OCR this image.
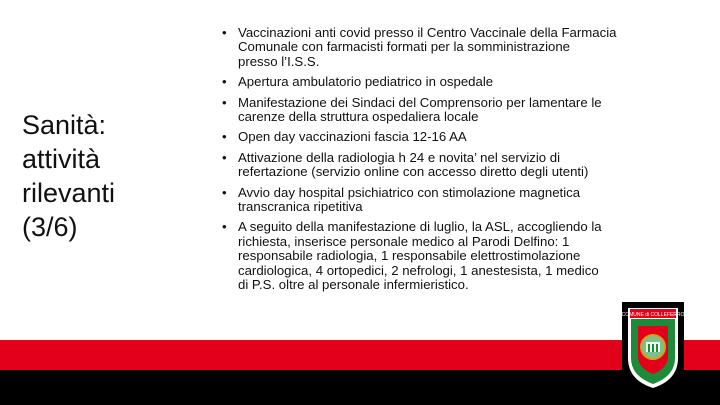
Sanità:
attività
rilevanti
(3/6)
• Vaccinazioni anti covid presso il Centro Vaccinale della Farmacia
Comunale con farmacisti formati per la somministrazione
presso l’I.S.S.
• Apertura ambulatorio pediatrico in ospedale
• Manifestazione dei Sindaci del Comprensorio per lamentare le
carenze della struttura ospedaliera locale
• Open day vaccinazioni fascia 12-16 AA
• Attivazione della radiologia h 24 e novita’ nel servizio di
refertazione (servizio online con accesso diretto degli utenti)
• Avvio day hospital psichiatrico con stimolazione magnetica
transcranica ripetitiva
• A seguito della manifestazione di luglio, la ASL, accogliendo la
richiesta, inserisce personale medico al Parodi Delfino: 1
responsabile radiologia, 1 responsabile elettrostimolazione
cardiologica, 4 ortopedici, 2 nefrologi, 1 anestesista, 1 medico
di P.S. oltre al personale infermieristico.
COMUNE di COLLEFERRO
